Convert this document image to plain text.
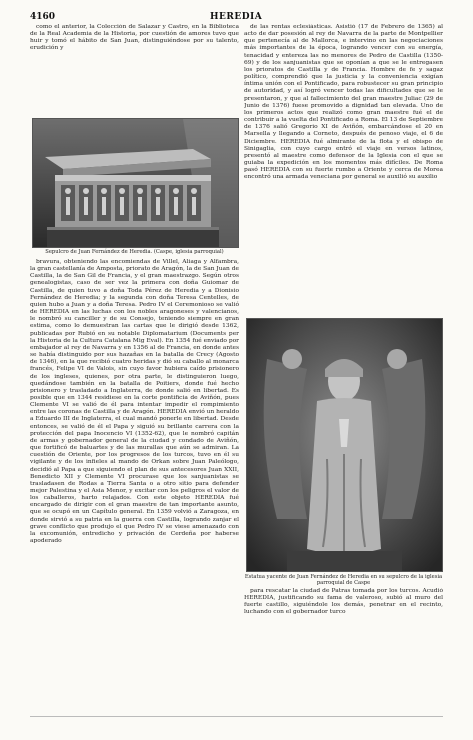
4160	HEREDIA

como el anterior, la Colección de Salazar y Castro, en la Biblioteca de la Real Academia de la Historia, por cuestión de amores tuvo que huir y tomó el hábito de San Juan, distinguiéndose por su talento, erudición y

Sepulcro de Juan Fernández de Heredia. (Caspe, iglesia parroquial)

de las rentas eclesiásticas. Asistió (17 de Febrero de 1365) al acto de dar posesión al rey de Navarra de la parte de Montpellier que pertenecía al de Mallorca, e intervino en las negociaciones más importantes de la época, logrando vencer con su energía, tenacidad y entereza las no menores de Pedro de Castilla (1350-69) y de los sanjuanistas que se oponían a que se le entregasen los prioratos de Castilla y de Francia. Hombre de fe y sagaz político, comprendió que la justicia y la conveniencia exigían íntima unión con el Pontificado, para robustecer su gran principio de autoridad, y así logró vencer todas las dificultades que se le presentaron, y que al fallecimiento del gran maestre Juliac (29 de Junio de 1376) fuese promovido a dignidad tan elevada. Uno de los primeros actos que realizó como gran maestre fué el de contribuir a la vuelta del Pontificado a Roma. El 13 de Septiembre de 1376 salió Gregorio XI de Aviñón, embarcándose el 20 en Marsella y llegando a Corneto, después de penoso viaje, el 6 de Diciembre. HEREDIA fué almirante de la flota y el obispo de Sinigaglia, con cuyo cargo entró el viaje en versos latinos, presentó al maestre como defensor de la Iglesia con el que se guiaba la expedición en los momentos más difíciles. De Roma pasó HEREDIA con su fuerte rumbo a Oriente y cerca de Morea encontró una armada veneciana por general se auxilió su auxilio

bravura, obteniendo las encomiendas de Villel, Aliaga y Alfambra, la gran castellanía de Amposta, priorato de Aragón, la de San Juan de Castilla, la de San Gil de Francia, y el gran maestrazgo. Según otros genealogistas, caso de ser vez la primera con doña Guiomar de Castilla, de quien tuvo a doña Toda Pérez de Heredia y a Dionisio Fernández de Heredia; y la segunda con doña Teresa Centelles, de quien hubo a Juan y a doña Teresa. Pedro IV el Ceremonioso se valió de HEREDIA en las luchas con los nobles aragoneses y valencianos, le nombró su canciller y de su Consejo, teniendo siempre en gran estima, como lo demuestran las cartas que le dirigió desde 1362, publicadas por Rubió en su notable Diplomatarium (Documents per la Historia de la Cultura Catalana Mig Eval). En 1354 fué enviado por embajador al rey de Navarra y en 1356 al de Francia, en donde antes se había distinguido por sus hazañas en la batalla de Crecy (Agosto de 1346), en la que recibió cuatro heridas y dió su caballo al monarca francés, Felipe VI de Valois, sin cuyo favor hubiera caído prisionero de los ingleses, quienes, por otra parte, le distinguieron luego, quedándose también en la batalla de Poitiers, donde fué hecho prisionero y trasladado a Inglaterra, de donde salió en libertad. Es posible que en 1344 residiese en la corte pontificia de Aviñón, pues Clemente VI se valió de él para intentar impedir el rompimiento entre las coronas de Castilla y de Aragón. HEREDIA envió un heraldo a Eduardo III de Inglaterra, el cual mandó ponerle en libertad. Desde entonces, se valió de él el Papa y siguió su brillante carrera con la protección del papa Inocencio VI (1352-62), que le nombró capitán de armas y gobernador general de la ciudad y condado de Aviñón, que fortificó de baluartes y de las murallas que aún se admiran. La cuestión de Oriente, por los progresos de los turcos, tuvo en él su vigilante y de los infieles al mando de Orkan sobre Juan Paleólogo, decidió al Papa a que siguiendo el plan de sus antecesores Juan XXII, Benedicto XII y Clemente VI procurase que los sanjuanistas se trasladasen de Rodas a Tierra Santa o a otro sitio para defender mejor Palestina y el Asia Menor, y excitar con los peligros el valor de los caballeros, harto relajados. Con este objeto HEREDIA fué encargado de dirigir con el gran maestre de tan importante asunto, que se ocupó en un Capítulo general. En 1359 volvió a Zaragoza, en donde sirvió a su patria en la guerra con Castilla, logrando zanjar el grave conflicto que produjo el que Pedro IV se viese amenazado con la excomunión, entredicho y privación de Cerdeña por haberse apoderado

Estatua yacente de Juan Fernández de Heredia en su sepulcro de la iglesia parroquial de Caspe

para rescatar la ciudad de Patras tomada por los turcos. Acudió HEREDIA, justificando su fama de valeroso, subió al muro del fuerte castillo, siguiéndole los demás, penetrar en el recinto, luchando con el gobernador turco
